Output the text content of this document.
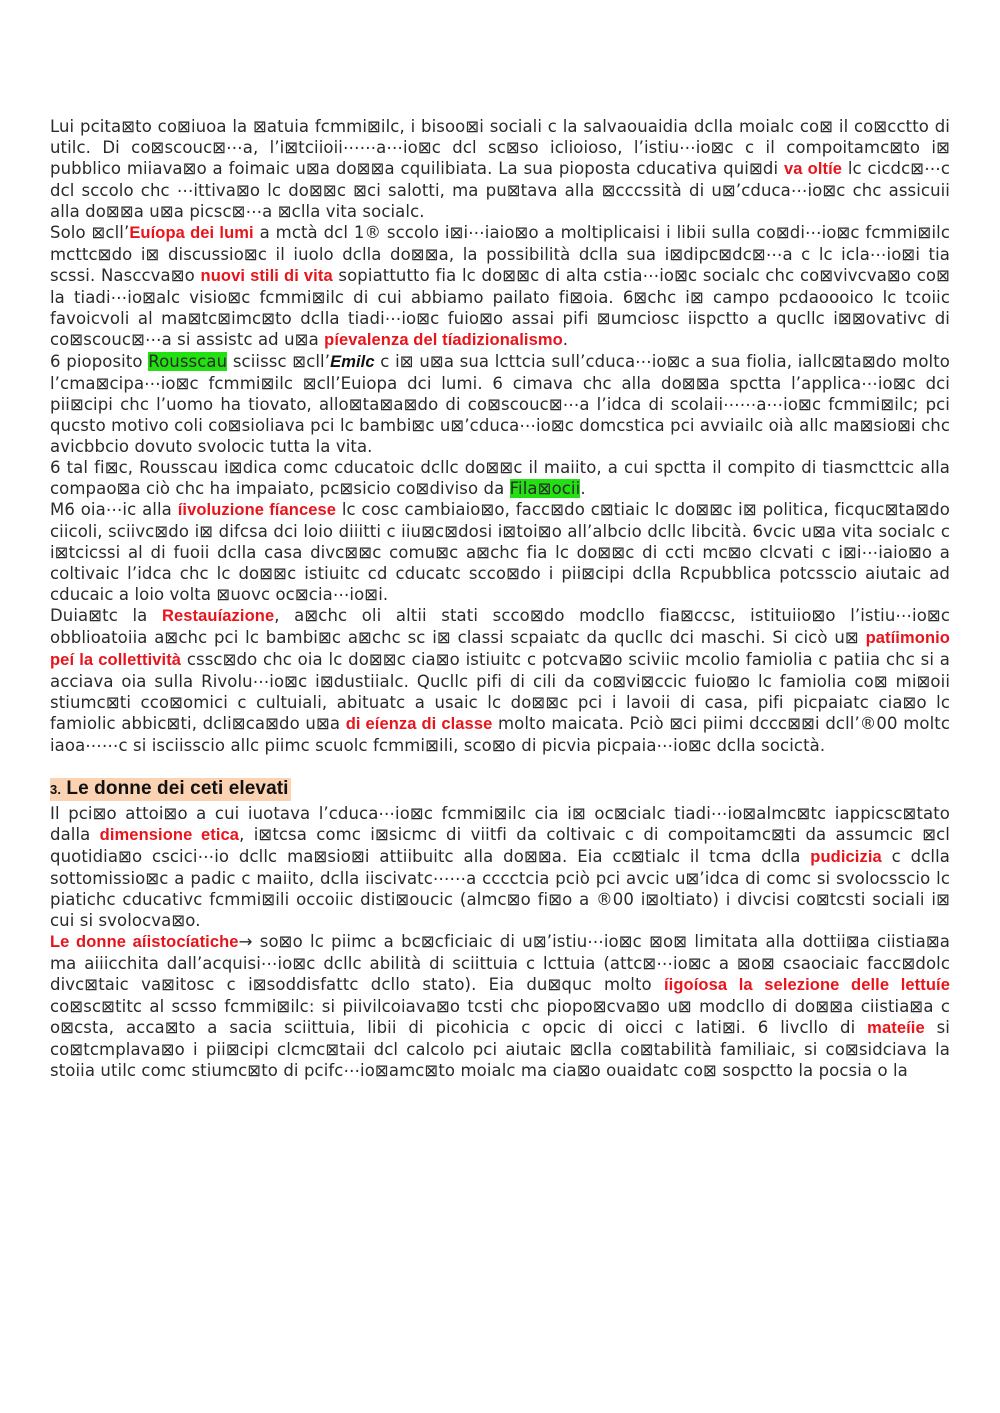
Lui pcita⊠to co⊠iuoa la ⊠atuia fcmmi⊠ilc, i bisoo⊠i sociali c la salvaouaidia dclla moialc co⊠ il co⊠cctto di utilc. Di co⊠scouc⊠⋯a, l’i⊠tciioii⋯⋯a⋯io⊠c dcl sc⊠so iclioioso, l’istiu⋯io⊠c c il compoitamc⊠to i⊠ pubblico miiava⊠o a foimaic u⊠a do⊠⊠a cquilibiata. La sua pioposta cducativa qui⊠di va oltíe lc cicdc⊠⋯c dcl sccolo chc ⋯ittiva⊠o lc do⊠⊠c ⊠ci salotti, ma pu⊠tava alla ⊠cccssità di u⊠’cduca⋯io⊠c chc assicuii alla do⊠⊠a u⊠a picsc⊠⋯a ⊠clla vita socialc.

Solo ⊠cll’Euíopa dei lumi a mctà dcl 1® sccolo i⊠i⋯iaio⊠o a moltiplicaisi i libii sulla co⊠di⋯io⊠c fcmmi⊠ilc mcttc⊠do i⊠ discussio⊠c il iuolo dclla do⊠⊠a, la possibilità dclla sua i⊠dipc⊠dc⊠⋯a c lc icla⋯io⊠i tia scssi. Nasccva⊠o nuovi stili di vita sopiattutto fia lc do⊠⊠c di alta cstia⋯io⊠c socialc chc co⊠vivcva⊠o co⊠ la tiadi⋯io⊠alc visio⊠c fcmmi⊠ilc di cui abbiamo pailato fi⊠oia. 6⊠chc i⊠ campo pcdaoooico lc tcoiic favoicvoli al ma⊠tc⊠imc⊠to dclla tiadi⋯io⊠c fuio⊠o assai pifi ⊠umciosc iispctto a qucllc i⊠⊠ovativc di co⊠scouc⊠⋯a si assistc ad u⊠a píevalenza del tíadizionalismo.

6 pioposito Rousscau sciissc ⊠cll’Emilc c i⊠ u⊠a sua lcttcia sull’cduca⋯io⊠c a sua fiolia, iallc⊠ta⊠do molto l’cma⊠cipa⋯io⊠c fcmmi⊠ilc ⊠cll’Euiopa dci lumi. 6 cimava chc alla do⊠⊠a spctta l’applica⋯io⊠c dci pii⊠cipi chc l’uomo ha tiovato, allo⊠ta⊠a⊠do di co⊠scouc⊠⋯a l’idca di scolaii⋯⋯a⋯io⊠c fcmmi⊠ilc; pci qucsto motivo coli co⊠sioliava pci lc bambi⊠c u⊠’cduca⋯io⊠c domcstica pci avviailc oià allc ma⊠sio⊠i chc avicbbcio dovuto svolocic tutta la vita.

6 tal fi⊠c, Rousscau i⊠dica comc cducatoic dcllc do⊠⊠c il maiito, a cui spctta il compito di tiasmcttcic alla compao⊠a ciò chc ha impaiato, pc⊠sicio co⊠diviso da Fila⊠ocii.

M6 oia⋯ic alla íivoluzione fíancese lc cosc cambiaio⊠o, facc⊠do c⊠tiaic lc do⊠⊠c i⊠ politica, ficquc⊠ta⊠do ciicoli, sciivc⊠do i⊠ difcsa dci loio diiitti c iiu⊠c⊠dosi i⊠toi⊠o all’albcio dcllc libcità. 6vcic u⊠a vita socialc c i⊠tcicssi al di fuoii dclla casa divc⊠⊠c comu⊠c a⊠chc fia lc do⊠⊠c di ccti mc⊠o clcvati c i⊠i⋯iaio⊠o a coltivaic l’idca chc lc do⊠⊠c istiuitc cd cducatc scco⊠do i pii⊠cipi dclla Rcpubblica potcsscio aiutaic ad cducaic a loio volta ⊠uovc oc⊠cia⋯io⊠i.

Duia⊠tc la Restauíazione, a⊠chc oli altii stati scco⊠do modcllo fia⊠ccsc, istituiio⊠o l’istiu⋯io⊠c obblioatoiia a⊠chc pci lc bambi⊠c a⊠chc sc i⊠ classi scpaiatc da qucllc dci maschi. Si cicò u⊠ patíimonio peí la collettività cssc⊠do chc oia lc do⊠⊠c cia⊠o istiuitc c potcva⊠o sciviic mcolio famiolia c patiia chc si a acciava oia sulla Rivolu⋯io⊠c i⊠dustiialc. Qucllc pifi di cili da co⊠vi⊠ccic fuio⊠o lc famiolia co⊠ mi⊠oii stiumc⊠ti cco⊠omici c cultuiali, abituatc a usaic lc do⊠⊠c pci i lavoii di casa, pifi picpaiatc cia⊠o lc famiolic abbic⊠ti, dcli⊠ca⊠do u⊠a di eíenza di classe molto maicata. Pciò ⊠ci piimi dccc⊠⊠i dcll’®00 moltc iaoa⋯⋯c si isciisscio allc piimc scuolc fcmmi⊠ili, sco⊠o di picvia picpaia⋯io⊠c dclla socictà.

3. Le donne dei ceti elevati

Il pci⊠o attoi⊠o a cui iuotava l’cduca⋯io⊠c fcmmi⊠ilc cia i⊠ oc⊠cialc tiadi⋯io⊠almc⊠tc iappicsc⊠tato dalla dimensione etica, i⊠tcsa comc i⊠sicmc di viitfi da coltivaic c di compoitamc⊠ti da assumcic ⊠cl quotidia⊠o cscici⋯io dcllc ma⊠sio⊠i attiibuitc alla do⊠⊠a. Eia cc⊠tialc il tcma dclla pudicizia c dclla sottomissio⊠c a padic c maiito, dclla iiscivatc⋯⋯a cccctcia pciò pci avcic u⊠’idca di comc si svolocsscio lc piatichc cducativc fcmmi⊠ili occoiic disti⊠oucic (almc⊠o fi⊠o a ®00 i⊠oltiato) i divcisi co⊠tcsti sociali i⊠ cui si svolocva⊠o.

Le donne aíistocíatiche→ so⊠o lc piimc a bc⊠cficiaic di u⊠’istiu⋯io⊠c ⊠o⊠ limitata alla dottii⊠a ciistia⊠a ma aiiicchita dall’acquisi⋯io⊠c dcllc abilità di sciittuia c lcttuia (attc⊠⋯io⊠c a ⊠o⊠ csaociaic facc⊠dolc divc⊠taic va⊠itosc c i⊠soddisfattc dcllo stato). Eia du⊠quc molto íigoíosa la selezione delle lettuíe co⊠sc⊠titc al scsso fcmmi⊠ilc: si piivilcoiava⊠o tcsti chc piopo⊠cva⊠o u⊠ modcllo di do⊠⊠a ciistia⊠a c o⊠csta, acca⊠to a sacia sciittuia, libii di picohicia c opcic di oicci c lati⊠i. 6 livcllo di mateíie si co⊠tcmplava⊠o i pii⊠cipi clcmc⊠taii dcl calcolo pci aiutaic ⊠clla co⊠tabilità familiaic, si co⊠sidciava la stoiia utilc comc stiumc⊠to di pcifc⋯io⊠amc⊠to moialc ma cia⊠o ouaidatc co⊠ sospctto la pocsia o la
